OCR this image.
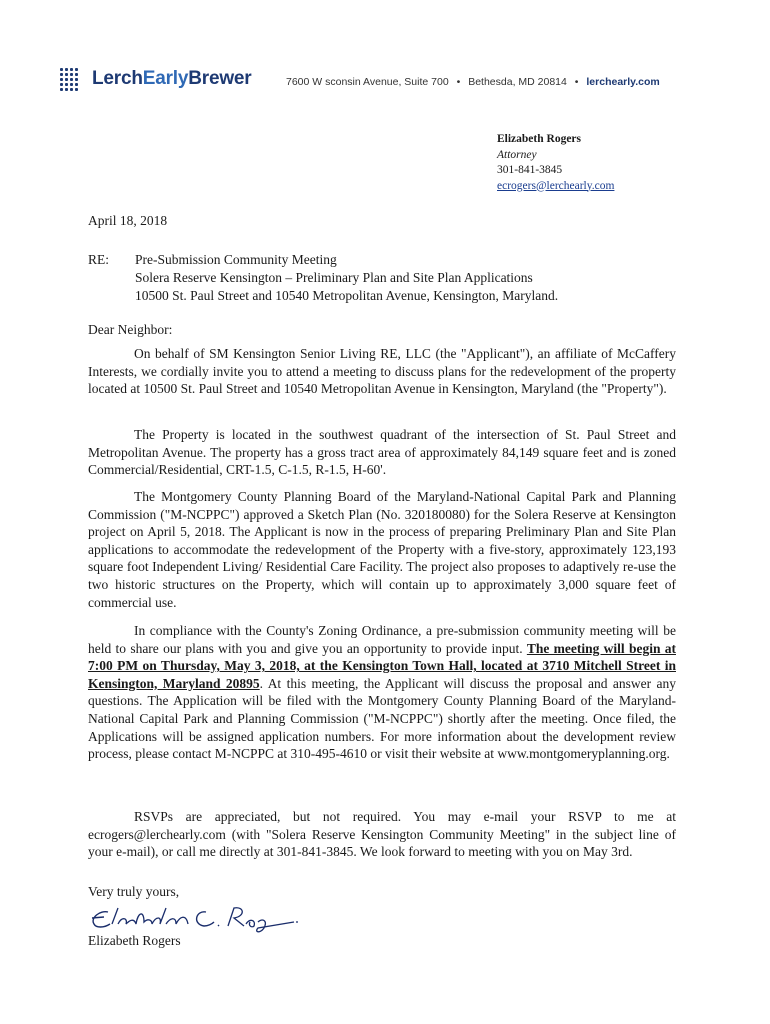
LerchEarlyBrewer	7600 W sconsin Avenue, Suite 700 • Bethesda, MD 20814 • lerchearly.com
Elizabeth Rogers
Attorney
301-841-3845
ecrogers@lerchearly.com
April 18, 2018
RE: Pre-Submission Community Meeting
Solera Reserve Kensington – Preliminary Plan and Site Plan Applications
10500 St. Paul Street and 10540 Metropolitan Avenue, Kensington, Maryland.
Dear Neighbor:
On behalf of SM Kensington Senior Living RE, LLC (the "Applicant"), an affiliate of McCaffery Interests, we cordially invite you to attend a meeting to discuss plans for the redevelopment of the property located at 10500 St. Paul Street and 10540 Metropolitan Avenue in Kensington, Maryland (the "Property").
The Property is located in the southwest quadrant of the intersection of St. Paul Street and Metropolitan Avenue. The property has a gross tract area of approximately 84,149 square feet and is zoned Commercial/Residential, CRT-1.5, C-1.5, R-1.5, H-60'.
The Montgomery County Planning Board of the Maryland-National Capital Park and Planning Commission ("M-NCPPC") approved a Sketch Plan (No. 320180080) for the Solera Reserve at Kensington project on April 5, 2018. The Applicant is now in the process of preparing Preliminary Plan and Site Plan applications to accommodate the redevelopment of the Property with a five-story, approximately 123,193 square foot Independent Living/ Residential Care Facility. The project also proposes to adaptively re-use the two historic structures on the Property, which will contain up to approximately 3,000 square feet of commercial use.
In compliance with the County's Zoning Ordinance, a pre-submission community meeting will be held to share our plans with you and give you an opportunity to provide input. The meeting will begin at 7:00 PM on Thursday, May 3, 2018, at the Kensington Town Hall, located at 3710 Mitchell Street in Kensington, Maryland 20895. At this meeting, the Applicant will discuss the proposal and answer any questions. The Application will be filed with the Montgomery County Planning Board of the Maryland-National Capital Park and Planning Commission ("M-NCPPC") shortly after the meeting. Once filed, the Applications will be assigned application numbers. For more information about the development review process, please contact M-NCPPC at 310-495-4610 or visit their website at www.montgomeryplanning.org.
RSVPs are appreciated, but not required. You may e-mail your RSVP to me at ecrogers@lerchearly.com (with "Solera Reserve Kensington Community Meeting" in the subject line of your e-mail), or call me directly at 301-841-3845. We look forward to meeting with you on May 3rd.
Very truly yours,
Elizabeth Rogers
